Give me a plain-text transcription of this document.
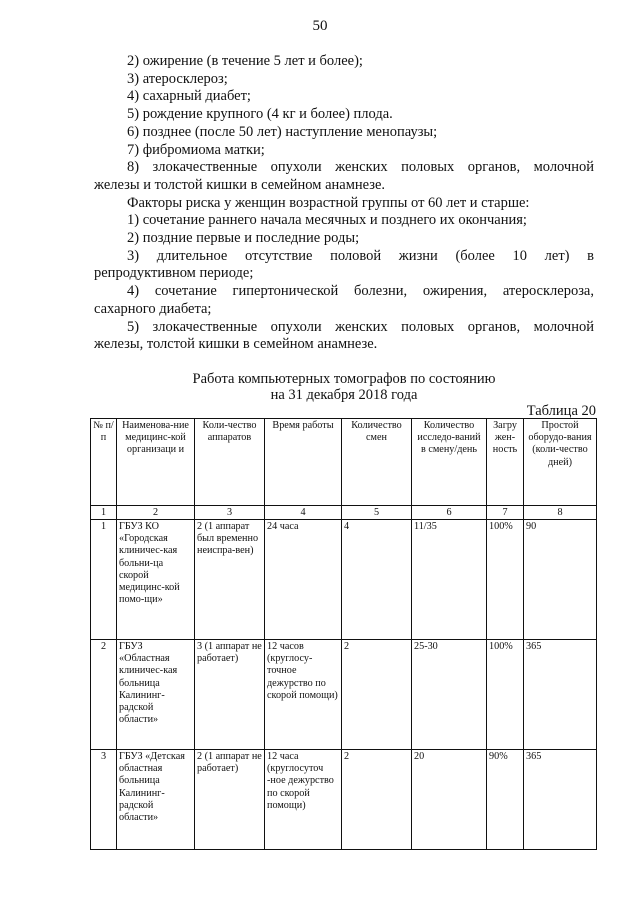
50

2) ожирение (в течение 5 лет и более);

3) атеросклероз;

4) сахарный диабет;

5) рождение крупного (4 кг и более) плода.

6) позднее (после 50 лет) наступление менопаузы;

7) фибромиома матки;

8) злокачественные опухоли женских половых органов, молочной

железы и толстой кишки в семейном анамнезе.

Факторы риска у женщин возрастной группы от 60 лет и старше:

1) сочетание раннего начала месячных и позднего их окончания;

2) поздние первые и последние роды;

3) длительное отсутствие половой жизни (более 10 лет) в

репродуктивном периоде;

4) сочетание гипертонической болезни, ожирения, атеросклероза,

сахарного диабета;

5) злокачественные опухоли женских половых органов, молочной

железы, толстой кишки в семейном анамнезе.

Работа компьютерных томографов по состоянию

на 31 декабря 2018 года

Таблица 20
№ п/п	Наименова-ние медицинс-кой организаци и	Коли-чество аппаратов	Время работы	Количество смен	Количество исследо-ваний в смену/день	Загру жен-ность	Простой оборудо-вания (коли-чество дней)
1	2	3	4	5	6	7	8
1	ГБУЗ КО «Городская клиничес-кая больни-ца скорой медицинс-кой помо-щи»	2 (1 аппарат был временно неиспра-вен)	24 часа	4	11/35	100%	90
2	ГБУЗ «Областная клиничес-кая больница Калининг-радской области»	3 (1 аппарат не работает)	12 часов (круглосу-точное дежурство по скорой помощи)	2	25-30	100%	365
3	ГБУЗ «Детская областная больница Калининг-радской области»	2 (1 аппарат не работает)	12 часа (круглосуточ -ное дежурство по скорой помощи)	2	20	90%	365
